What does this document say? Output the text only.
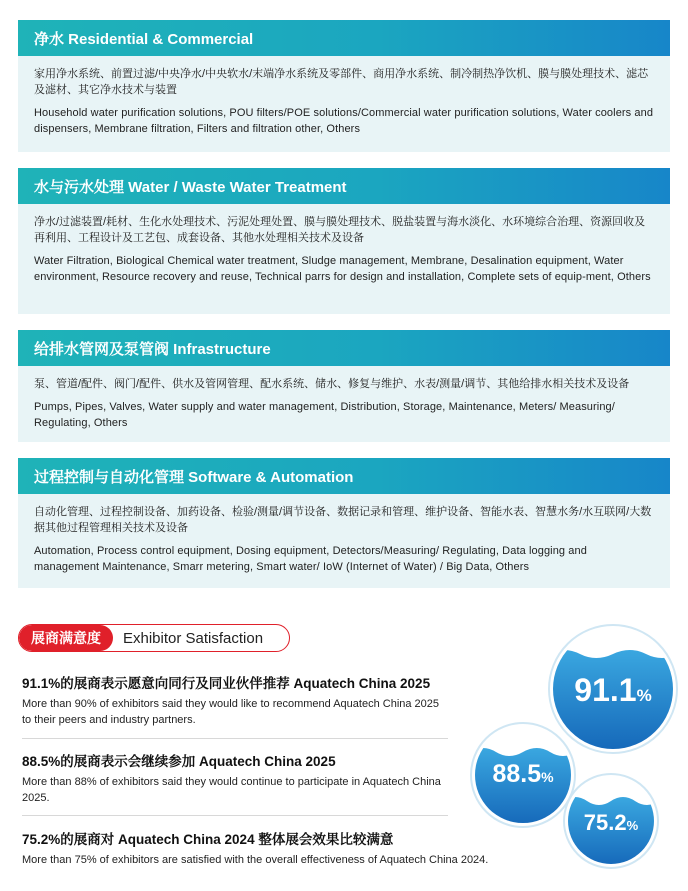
净水 Residential & Commercial

家用净水系统、前置过滤/中央净水/中央软水/末端净水系统及零部件、商用净水系统、制冷制热净饮机、膜与膜处理技术、滤芯及滤材、其它净水技术与装置

Household water purification solutions, POU filters/POE solutions/Commercial water purification solutions, Water coolers and dispensers, Membrane filtration, Filters and filtration other, Others

水与污水处理 Water / Waste Water Treatment

净水/过滤装置/耗材、生化水处理技术、污泥处理处置、膜与膜处理技术、脱盐装置与海水淡化、水环境综合治理、资源回收及再利用、工程设计及工艺包、成套设备、其他水处理相关技术及设备

Water Filtration, Biological Chemical water treatment, Sludge management, Membrane, Desalination equipment, Water environment, Resource recovery and reuse, Technical parrs for design and installation, Complete sets of equip-ment, Others

给排水管网及泵管阀 Infrastructure

泵、管道/配件、阀门/配件、供水及管网管理、配水系统、储水、修复与维护、水表/测量/调节、其他给排水相关技术及设备

Pumps, Pipes, Valves, Water supply and water management, Distribution, Storage, Maintenance, Meters/ Measuring/ Regulating, Others

过程控制与自动化管理 Software & Automation

自动化管理、过程控制设备、加药设备、检验/测量/调节设备、数据记录和管理、维护设备、智能水表、智慧水务/水互联网/大数据其他过程管理相关技术及设备

Automation, Process control equipment, Dosing equipment, Detectors/Measuring/ Regulating, Data logging and management Maintenance, Smarr metering, Smart water/ IoW (Internet of Water) / Big Data, Others

展商满意度	Exhibitor Satisfaction
91.1%的展商表示愿意向同行及同业伙伴推荐 Aquatech China 2025
More than 90% of exhibitors said they would like to recommend Aquatech China 2025 to their peers and industry partners.
88.5%的展商表示会继续参加 Aquatech China 2025
More than 88% of exhibitors said they would continue to participate in Aquatech China 2025.
75.2%的展商对 Aquatech China 2024 整体展会效果比较满意
More than 75% of exhibitors are satisfied with the overall effectiveness of Aquatech China 2024.
91.1%
88.5%
75.2%
